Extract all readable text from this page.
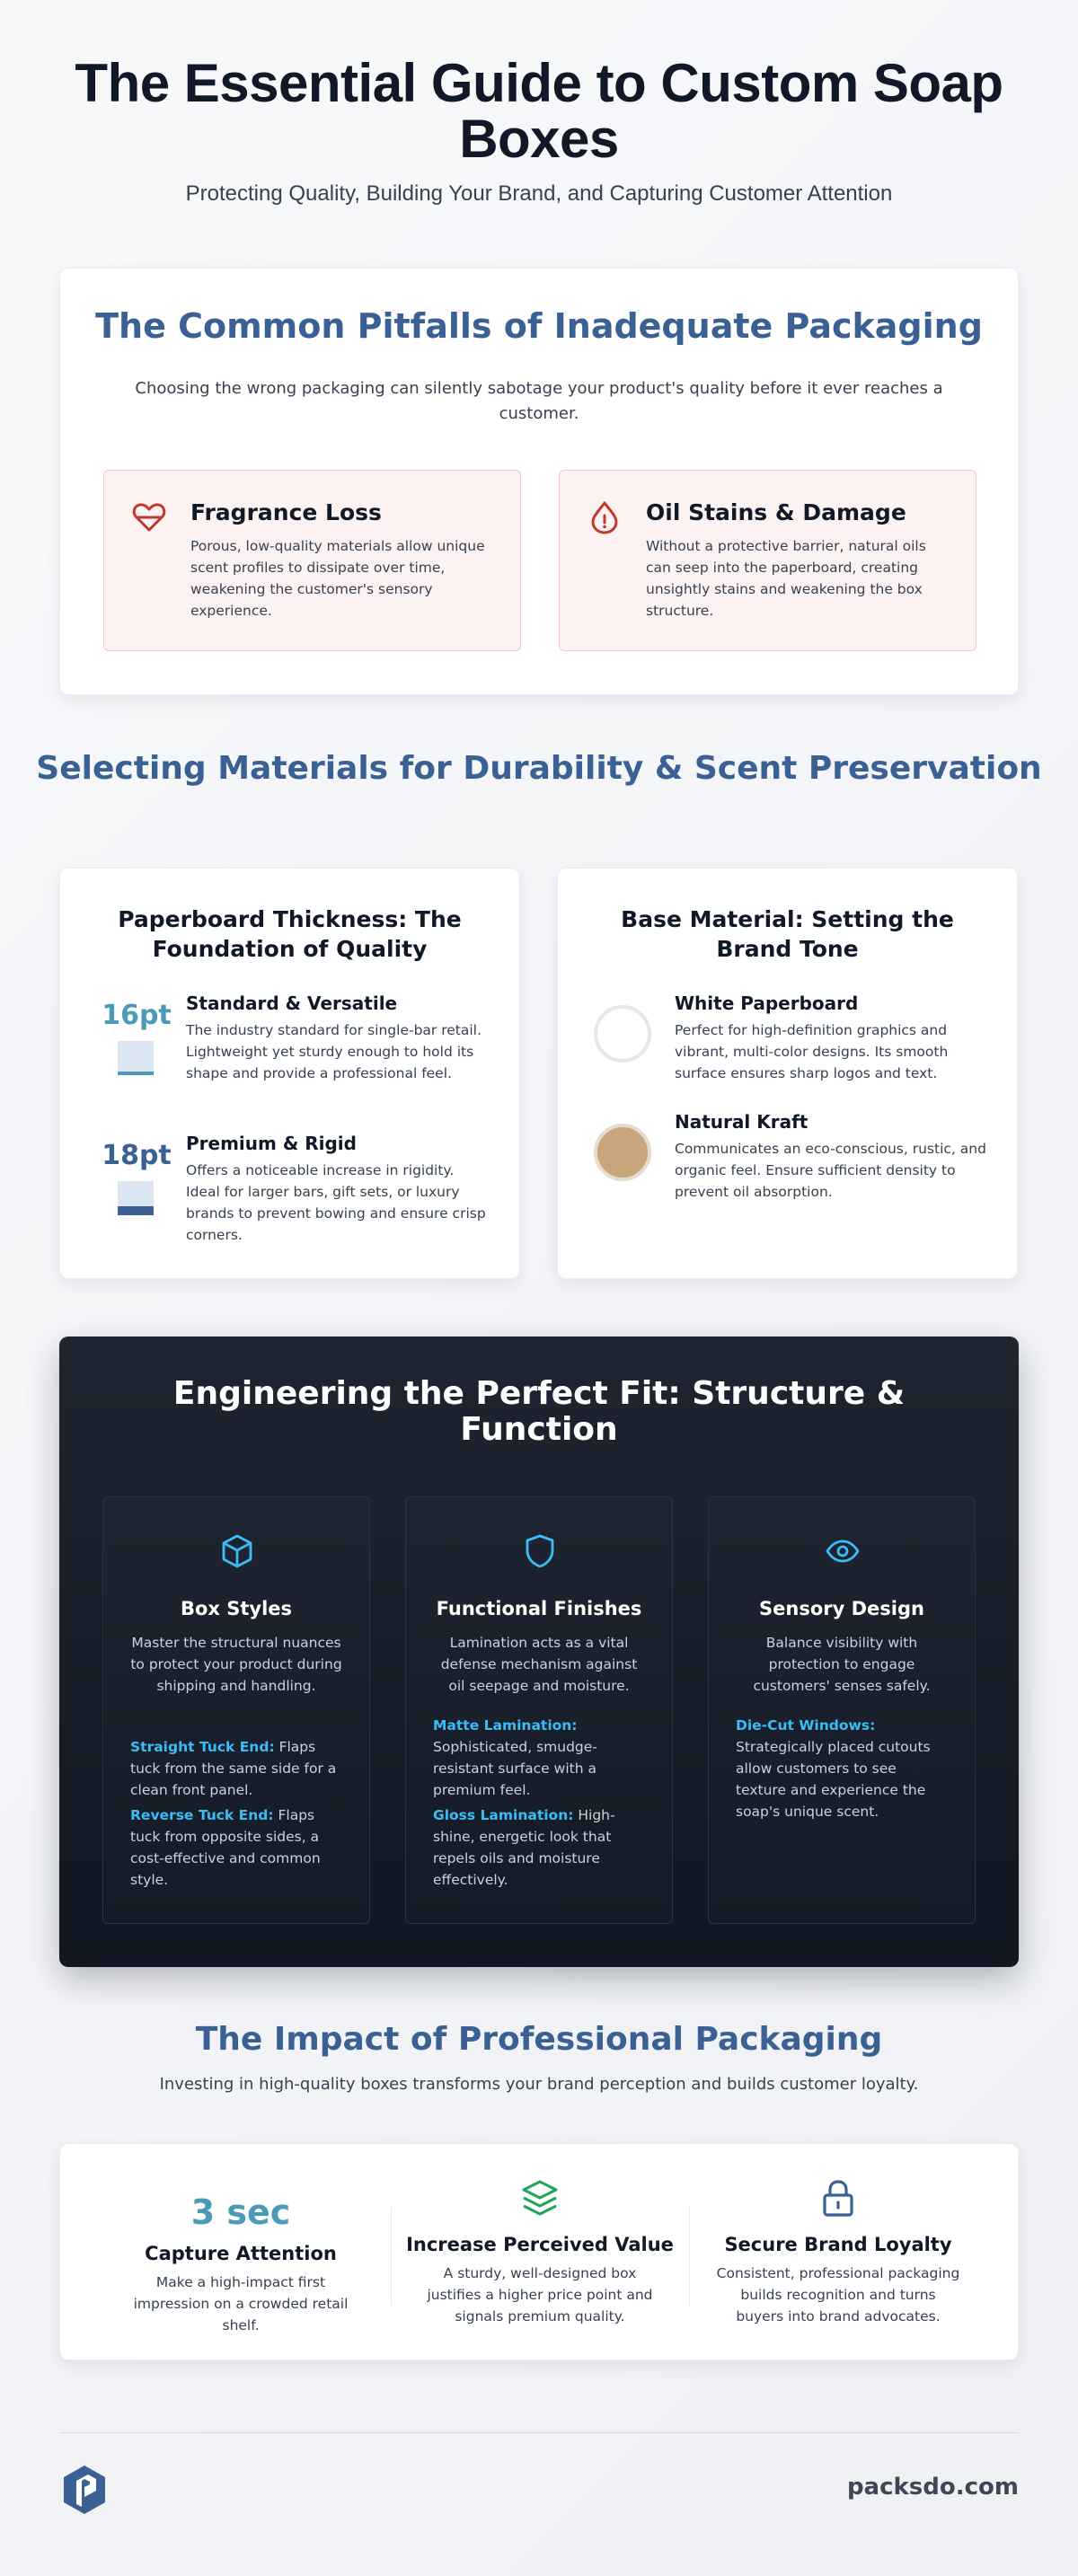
The Essential Guide to Custom Soap Boxes
Protecting Quality, Building Your Brand, and Capturing Customer Attention
The Common Pitfalls of Inadequate Packaging

Choosing the wrong packaging can silently sabotage your product's quality before it ever reaches a customer.

Fragrance Loss

Porous, low-quality materials allow unique scent profiles to dissipate over time, weakening the customer's sensory experience.

Oil Stains & Damage

Without a protective barrier, natural oils can seep into the paperboard, creating unsightly stains and weakening the box structure.

Selecting Materials for Durability & Scent Preservation
Paperboard Thickness: The Foundation of Quality
16pt Standard & Versatile

The industry standard for single-bar retail. Lightweight yet sturdy enough to hold its shape and provide a professional feel.

18pt Premium & Rigid

Offers a noticeable increase in rigidity. Ideal for larger bars, gift sets, or luxury brands to prevent bowing and ensure crisp corners.

Base Material: Setting the Brand Tone
White Paperboard

Perfect for high-definition graphics and vibrant, multi-color designs. Its smooth surface ensures sharp logos and text.

Natural Kraft

Communicates an eco-conscious, rustic, and organic feel. Ensure sufficient density to prevent oil absorption.

Engineering the Perfect Fit: Structure & Function
Box Styles

Master the structural nuances to protect your product during shipping and handling.

Straight Tuck End: Flaps tuck from the same side for a clean front panel.

Reverse Tuck End: Flaps tuck from opposite sides, a cost-effective and common style.

Functional Finishes

Lamination acts as a vital defense mechanism against oil seepage and moisture.

Matte Lamination: Sophisticated, smudge-resistant surface with a premium feel.

Gloss Lamination: High-shine, energetic look that repels oils and moisture effectively.

Sensory Design

Balance visibility with protection to engage customers' senses safely.

Die-Cut Windows: Strategically placed cutouts allow customers to see texture and experience the soap's unique scent.

The Impact of Professional Packaging

Investing in high-quality boxes transforms your brand perception and builds customer loyalty.

3 sec
Capture Attention

Make a high-impact first impression on a crowded retail shelf.

Increase Perceived Value

A sturdy, well-designed box justifies a higher price point and signals premium quality.

Secure Brand Loyalty

Consistent, professional packaging builds recognition and turns buyers into brand advocates.

packsdo.com
